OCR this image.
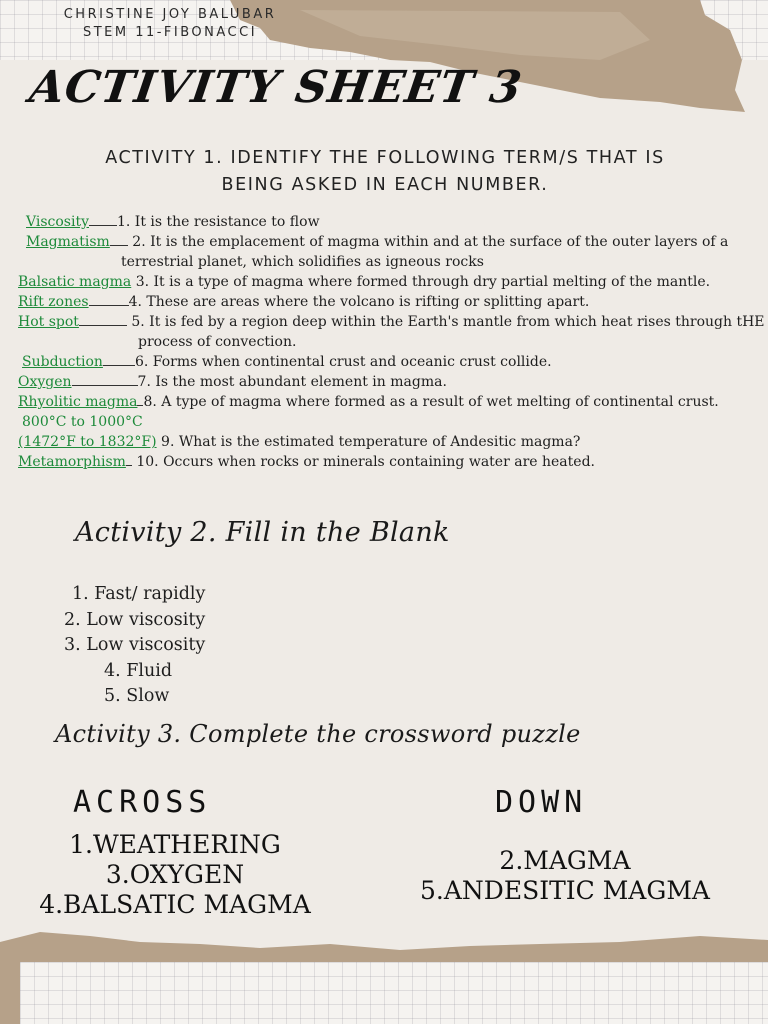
CHRISTINE JOY BALUBAR
STEM 11-FIBONACCI
ACTIVITY SHEET 3
ACTIVITY 1. IDENTIFY THE FOLLOWING TERM/S THAT IS
BEING ASKED IN EACH NUMBER.
Viscosity 1. It is the resistance to flow
Magmatism 2. It is the emplacement of magma within and at the surface of the outer layers of a
terrestrial planet, which solidifies as igneous rocks
Balsatic magma 3. It is a type of magma where formed through dry partial melting of the mantle.
Rift zones	4. These are areas where the volcano is rifting or splitting apart.
Hot spot	5. It is fed by a region deep within the Earth's mantle from which heat rises through tHE
process of convection.
Subduction 6. Forms when continental crust and oceanic crust collide.
Oxygen	7. Is the most abundant element in magma.
Rhyolitic magma 8. A type of magma where formed as a result of wet melting of continental crust.
800°C to 1000°C
(1472°F to 1832°F) 9. What is the estimated temperature of Andesitic magma?
Metamorphism 10. Occurs when rocks or minerals containing water are heated.
Activity 2. Fill in the Blank
1. Fast/ rapidly
2. Low viscosity
3. Low viscosity
4. Fluid
5. Slow
Activity 3. Complete the crossword puzzle
ACROSS	DOWN
1.WEATHERING
3.OXYGEN
4.BALSATIC MAGMA
2.MAGMA
5.ANDESITIC MAGMA
